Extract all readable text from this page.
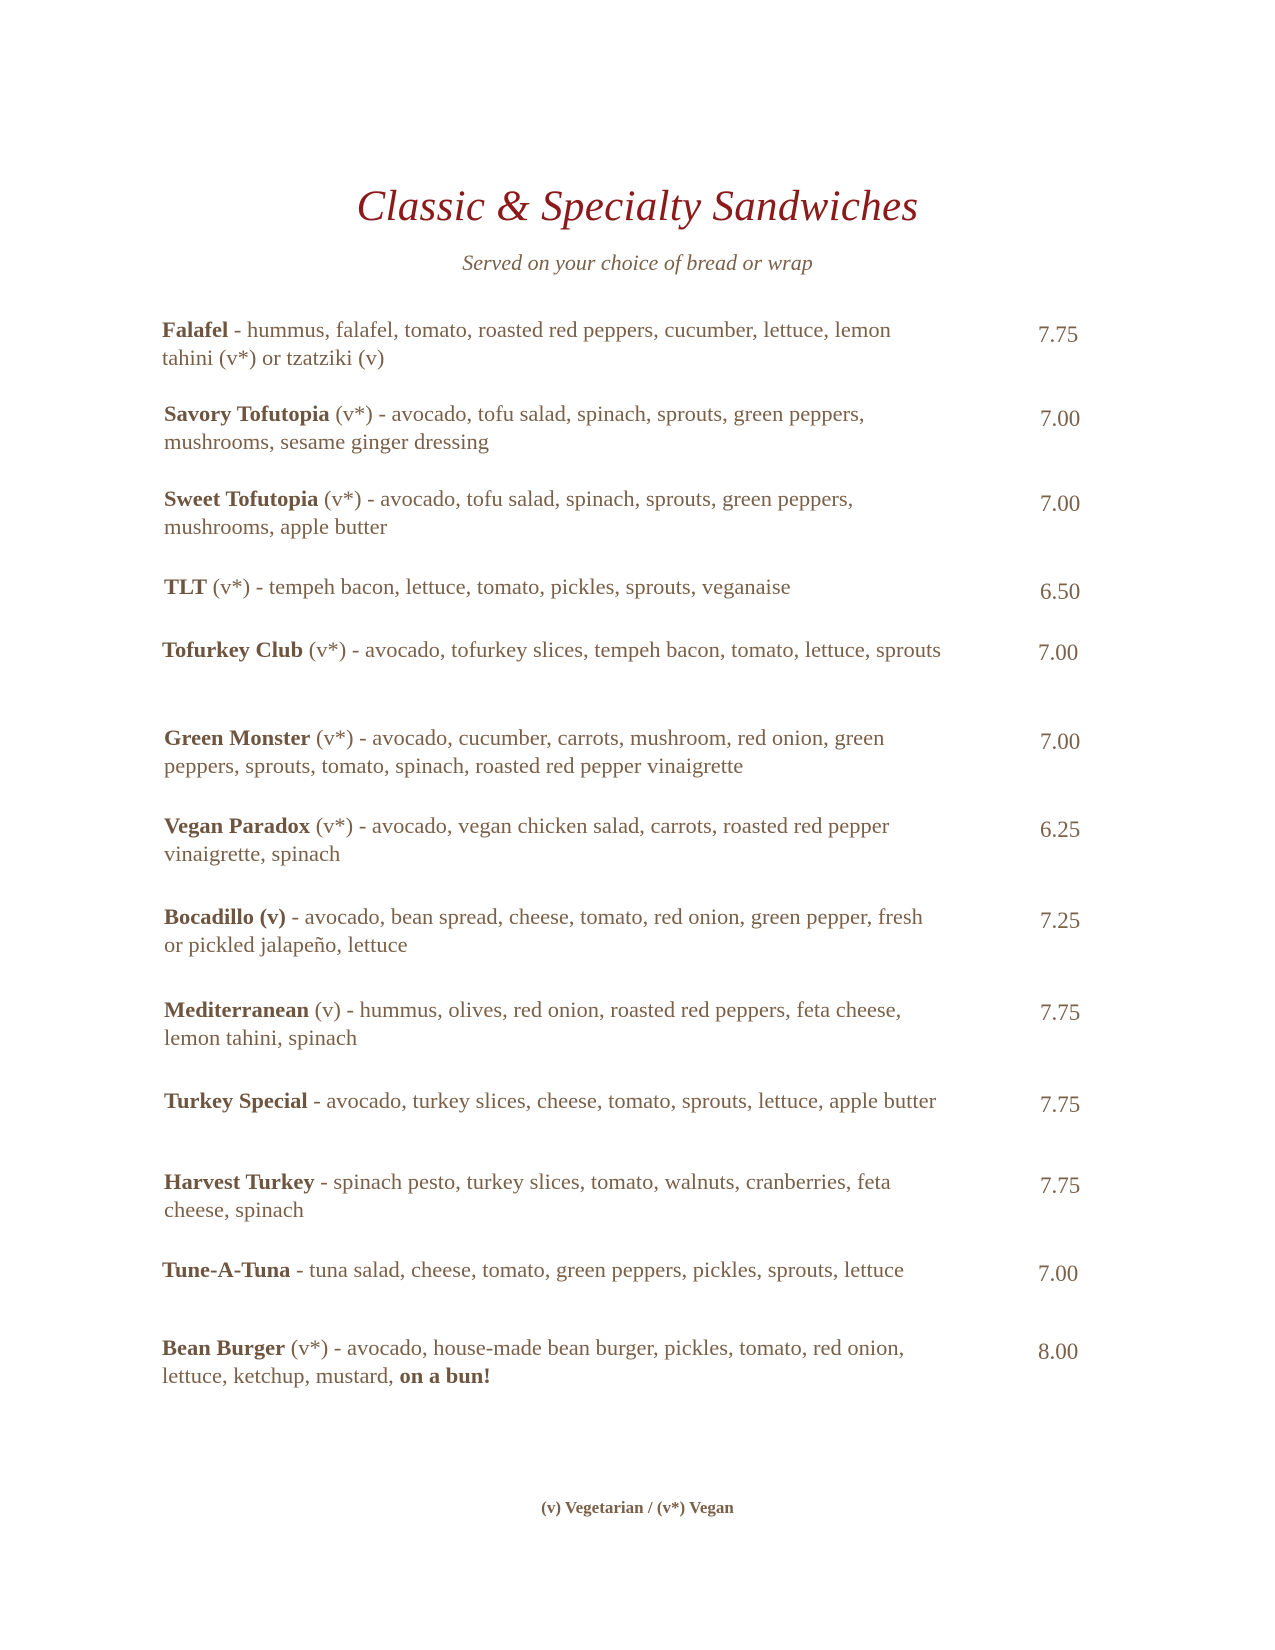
Classic & Specialty Sandwiches
Served on your choice of bread or wrap
Falafel - hummus, falafel, tomato, roasted red peppers, cucumber, lettuce, lemon tahini (v*) or tzatziki (v)
7.75
Savory Tofutopia (v*) - avocado, tofu salad, spinach, sprouts, green peppers, mushrooms, sesame ginger dressing
7.00
Sweet Tofutopia (v*) - avocado, tofu salad, spinach, sprouts, green peppers, mushrooms, apple butter
7.00
TLT (v*) - tempeh bacon, lettuce, tomato, pickles, sprouts, veganaise	6.50
Tofurkey Club (v*) - avocado, tofurkey slices, tempeh bacon, tomato, lettuce, sprouts	7.00
Green Monster (v*) - avocado, cucumber, carrots, mushroom, red onion, green peppers, sprouts, tomato, spinach, roasted red pepper vinaigrette
7.00
Vegan Paradox (v*) - avocado, vegan chicken salad, carrots, roasted red pepper vinaigrette, spinach
6.25
Bocadillo (v) - avocado, bean spread, cheese, tomato, red onion, green pepper, fresh or pickled jalapeño, lettuce
7.25
Mediterranean (v) - hummus, olives, red onion, roasted red peppers, feta cheese, lemon tahini, spinach
7.75
Turkey Special - avocado, turkey slices, cheese, tomato, sprouts, lettuce, apple butter	7.75
Harvest Turkey - spinach pesto, turkey slices, tomato, walnuts, cranberries, feta cheese, spinach
7.75
Tune-A-Tuna - tuna salad, cheese, tomato, green peppers, pickles, sprouts, lettuce	7.00
Bean Burger (v*) - avocado, house-made bean burger, pickles, tomato, red onion, lettuce, ketchup, mustard, on a bun!
8.00
(v) Vegetarian / (v*) Vegan
